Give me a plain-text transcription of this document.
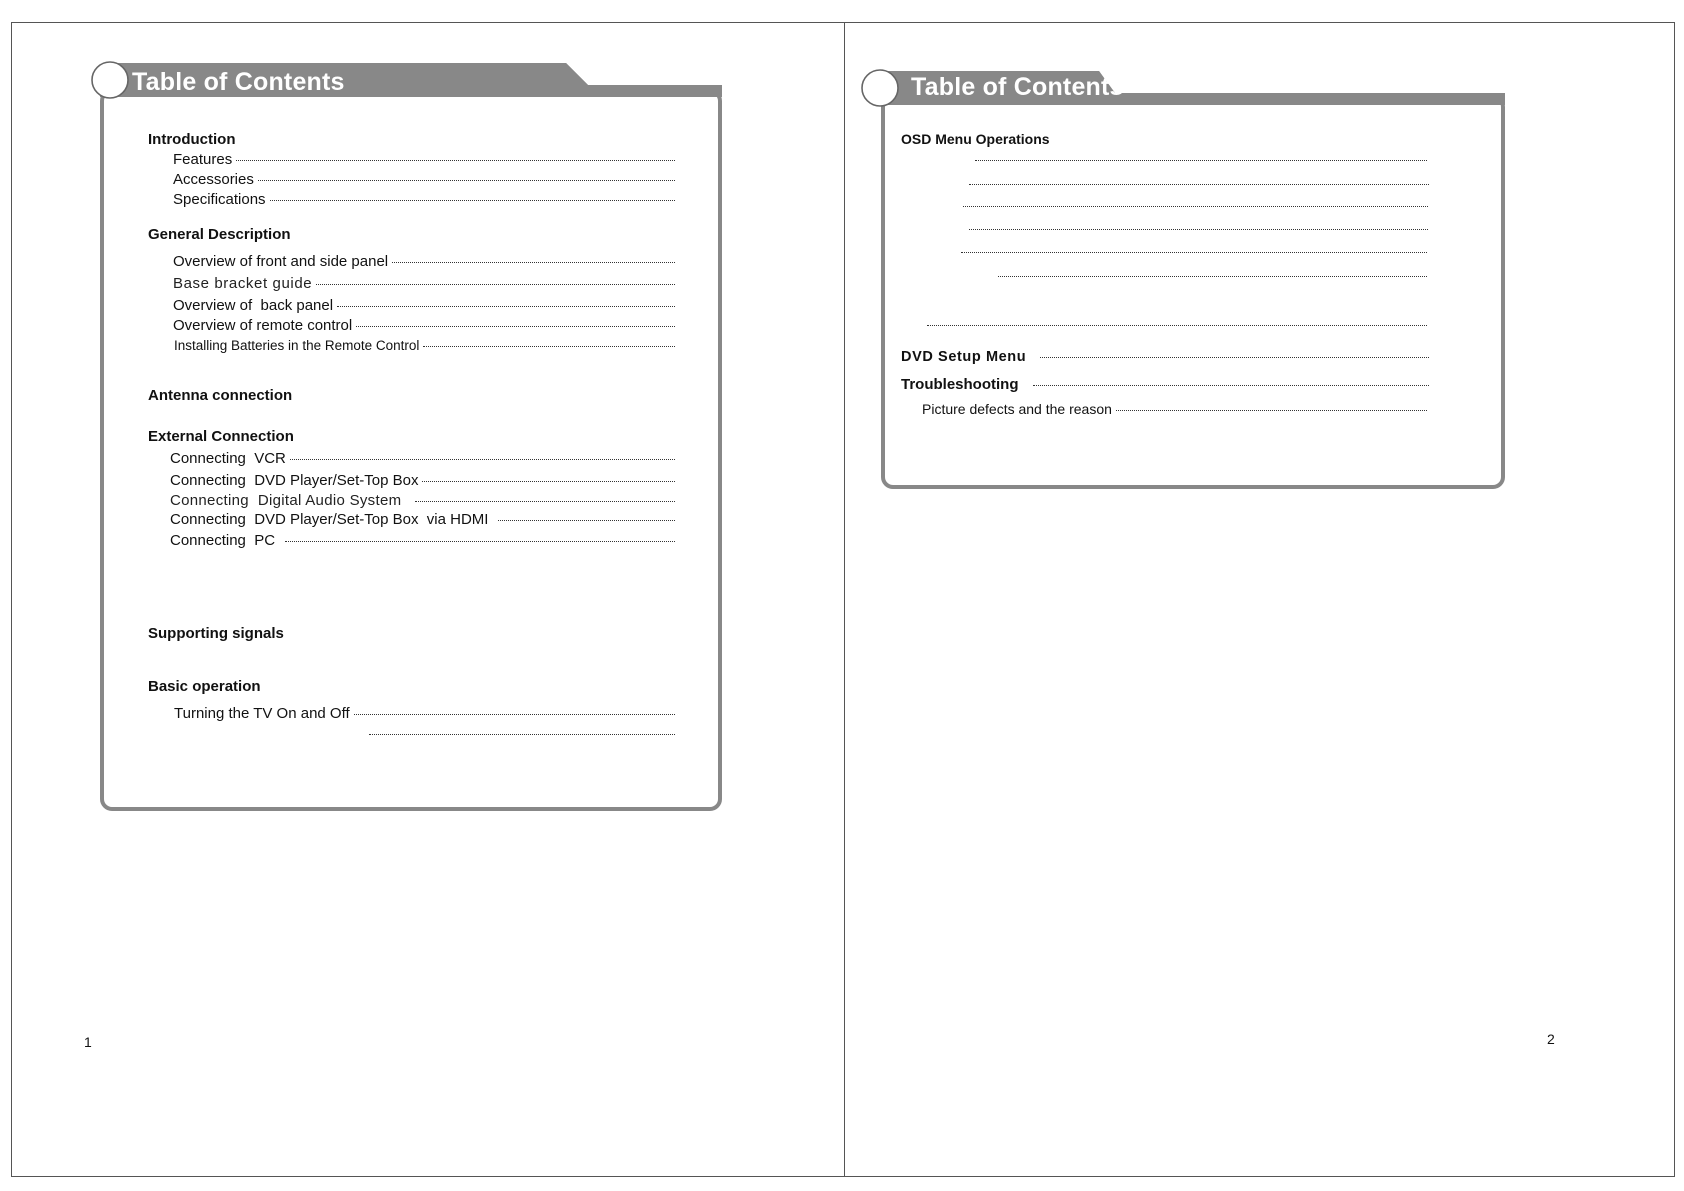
Table of Contents
Introduction
Features
Accessories
Specifications
General Description
Overview of front and side panel
Base bracket guide
Overview of  back panel
Overview of remote control
Installing Batteries in the Remote Control
Antenna connection
External Connection
Connecting  VCR
Connecting  DVD Player/Set-Top Box
Connecting  Digital Audio System
Connecting  DVD Player/Set-Top Box  via HDMI
Connecting  PC
Supporting signals
Basic operation
Turning the TV On and Off
1
Table of Contents
OSD Menu Operations
DVD Setup Menu
Troubleshooting
Picture defects and the reason
2
